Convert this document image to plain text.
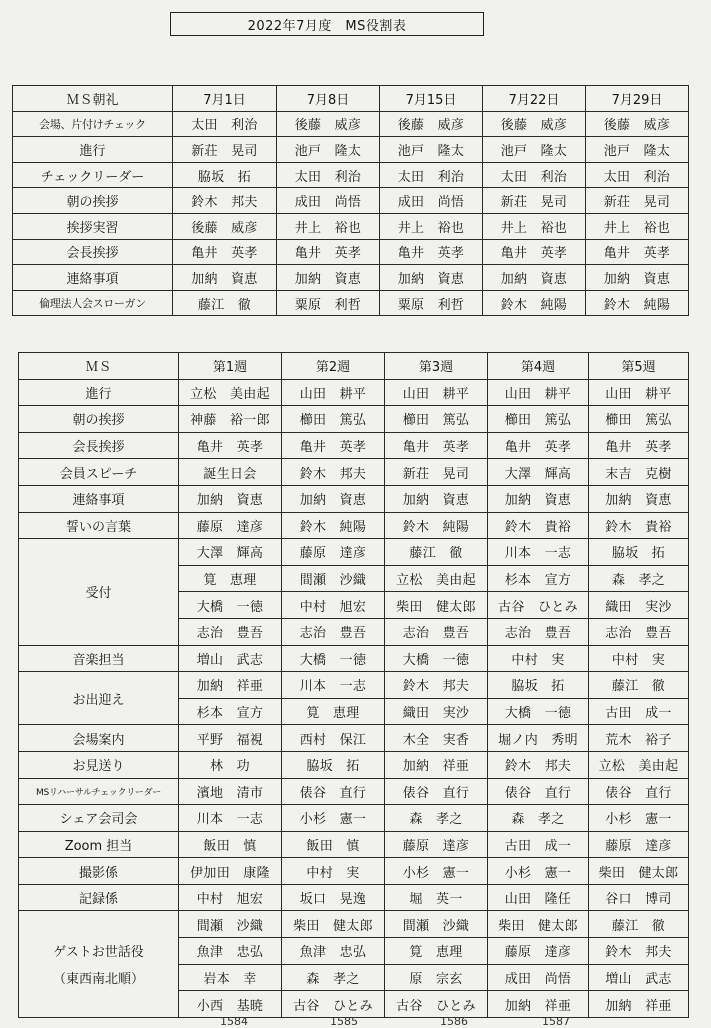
2022年7月度　MS役割表
ＭＳ朝礼	7月1日	7月8日	7月15日	7月22日	7月29日
会場、片付けチェック	太田　利治	後藤　威彦	後藤　威彦	後藤　威彦	後藤　威彦
進行	新荘　晃司	池戸　隆太	池戸　隆太	池戸　隆太	池戸　隆太
チェックリーダー	脇坂　拓	太田　利治	太田　利治	太田　利治	太田　利治
朝の挨拶	鈴木　邦夫	成田　尚悟	成田　尚悟	新荘　晃司	新荘　晃司
挨拶実習	後藤　威彦	井上　裕也	井上　裕也	井上　裕也	井上　裕也
会長挨拶	亀井　英孝	亀井　英孝	亀井　英孝	亀井　英孝	亀井　英孝
連絡事項	加納　資恵	加納　資恵	加納　資恵	加納　資恵	加納　資恵
倫理法人会スローガン	藤江　徹	粟原　利哲	粟原　利哲	鈴木　純陽	鈴木　純陽
ＭＳ	第1週	第2週	第3週	第4週	第5週

進行	立松　美由起	山田　耕平	山田　耕平	山田　耕平	山田　耕平

朝の挨拶	神藤　裕一郎	櫛田　篤弘	櫛田　篤弘	櫛田　篤弘	櫛田　篤弘

会長挨拶	亀井　英孝	亀井　英孝	亀井　英孝	亀井　英孝	亀井　英孝

会員スピーチ	誕生日会	鈴木　邦夫	新荘　晃司	大澤　輝高	末吉　克樹

連絡事項	加納　資恵	加納　資恵	加納　資恵	加納　資恵	加納　資恵

誓いの言葉	藤原　達彦	鈴木　純陽	鈴木　純陽	鈴木　貴裕	鈴木　貴裕

受付	大澤　輝高	藤原　達彦	藤江　徹	川本　一志	脇坂　拓
	筧　恵理	間瀬　沙織	立松　美由起	杉本　宣方	森　孝之
	大橋　一徳	中村　旭宏	柴田　健太郎	古谷　ひとみ	織田　実沙
	志治　豊吾	志治　豊吾	志治　豊吾	志治　豊吾	志治　豊吾

音楽担当	増山　武志	大橋　一徳	大橋　一徳	中村　実	中村　実

お出迎え	加納　祥亜	川本　一志	鈴木　邦夫	脇坂　拓	藤江　徹
	杉本　宣方	筧　恵理	織田　実沙	大橋　一徳	古田　成一

会場案内	平野　福視	西村　保江	木全　実香	堀ノ内　秀明	荒木　裕子

お見送り	林　功	脇坂　拓	加納　祥亜	鈴木　邦夫	立松　美由起

MSリハーサルチェックリーダー	濱地　清市	俵谷　直行	俵谷　直行	俵谷　直行	俵谷　直行

シェア会司会	川本　一志	小杉　憲一	森　孝之	森　孝之	小杉　憲一

Zoom 担当	飯田　慎	飯田　慎	藤原　達彦	古田　成一	藤原　達彦

撮影係	伊加田　康隆	中村　実	小杉　憲一	小杉　憲一	柴田　健太郎

記録係	中村　旭宏	坂口　晃逸	堀　英一	山田　隆任	谷口　博司

ゲストお世話役
（東西南北順）	間瀬　沙織	柴田　健太郎	間瀬　沙織	柴田　健太郎	藤江　徹
	魚津　忠弘	魚津　忠弘	筧　恵理	藤原　達彦	鈴木　邦夫
	岩本　幸	森　孝之	原　宗玄	成田　尚悟	増山　武志
	小西　基暁	古谷　ひとみ	古谷　ひとみ	加納　祥亜	加納　祥亜
1584	1585	1586	1587
